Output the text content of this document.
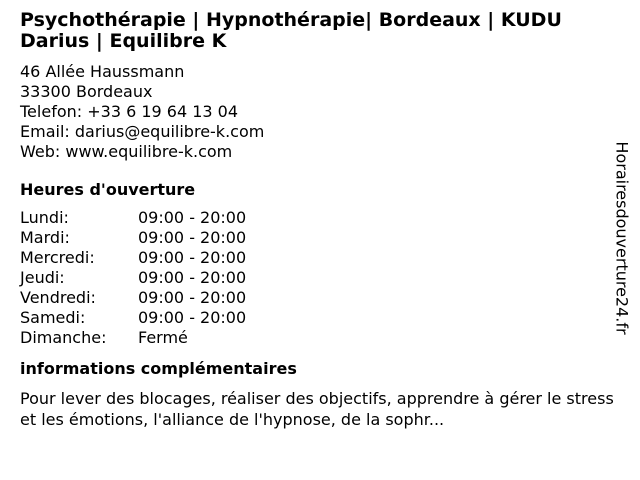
Psychothérapie | Hypnothérapie| Bordeaux | KUDU Darius | Equilibre K
46 Allée Haussmann
33300 Bordeaux
Telefon: +33 6 19 64 13 04
Email: darius@equilibre-k.com
Web: www.equilibre-k.com
Heures d'ouverture
Lundi:	09:00 - 20:00
Mardi:	09:00 - 20:00
Mercredi:	09:00 - 20:00
Jeudi:	09:00 - 20:00
Vendredi:	09:00 - 20:00
Samedi:	09:00 - 20:00
Dimanche:	Fermé
informations complémentaires
Pour lever des blocages, réaliser des objectifs, apprendre à gérer le stress et les émotions, l'alliance de l'hypnose, de la sophr...
Horairesdouverture24.fr
